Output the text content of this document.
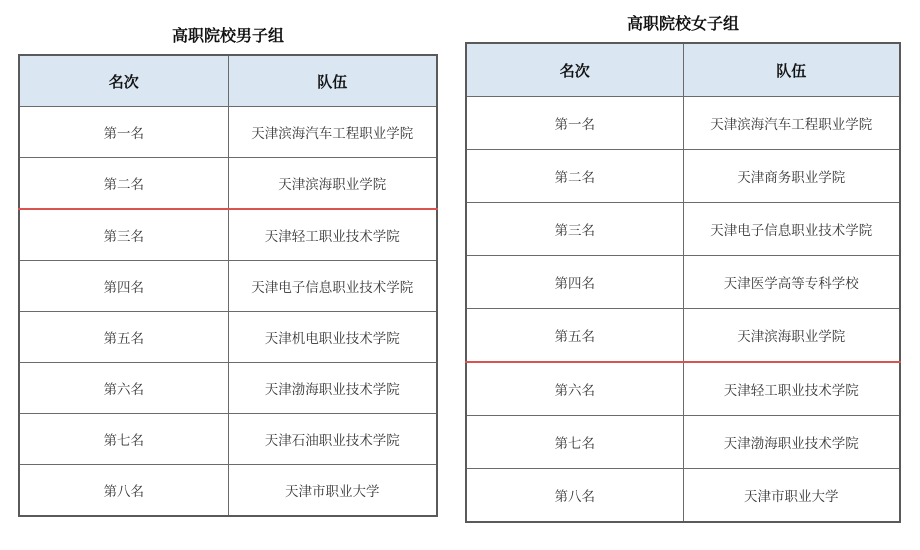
高职院校男子组
名次	队伍
第一名	天津滨海汽车工程职业学院
第二名	天津滨海职业学院
第三名	天津轻工职业技术学院
第四名	天津电子信息职业技术学院
第五名	天津机电职业技术学院
第六名	天津渤海职业技术学院
第七名	天津石油职业技术学院
第八名	天津市职业大学
高职院校女子组
名次	队伍
第一名	天津滨海汽车工程职业学院
第二名	天津商务职业学院
第三名	天津电子信息职业技术学院
第四名	天津医学高等专科学校
第五名	天津滨海职业学院
第六名	天津轻工职业技术学院
第七名	天津渤海职业技术学院
第八名	天津市职业大学
